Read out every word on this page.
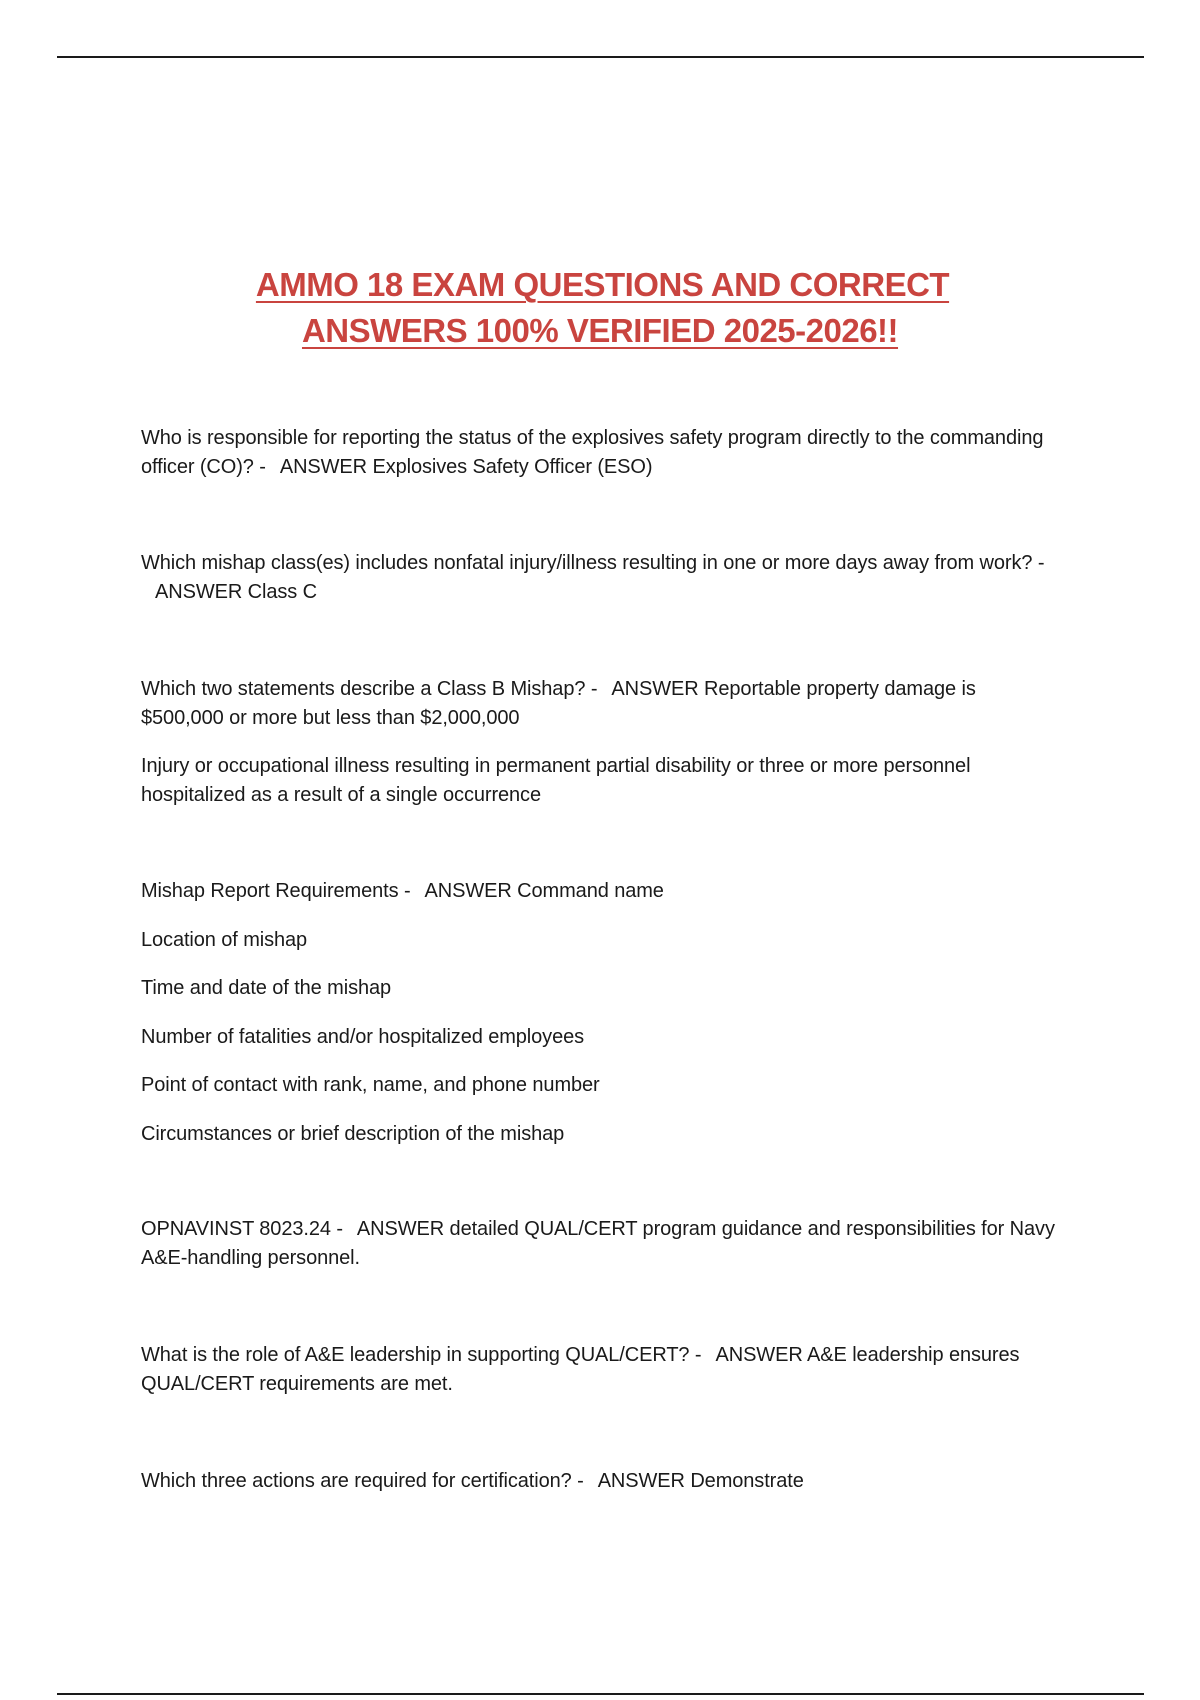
AMMO 18 EXAM QUESTIONS AND CORRECT
ANSWERS 100% VERIFIED 2025-2026!!

Who is responsible for reporting the status of the explosives safety program directly to the commanding officer (CO)? - ANSWER Explosives Safety Officer (ESO)

Which mishap class(es) includes nonfatal injury/illness resulting in one or more days away from work? -ANSWER Class C

Which two statements describe a Class B Mishap? - ANSWER Reportable property damage is $500,000 or more but less than $2,000,000

Injury or occupational illness resulting in permanent partial disability or three or more personnel hospitalized as a result of a single occurrence

Mishap Report Requirements - ANSWER Command name

Location of mishap

Time and date of the mishap

Number of fatalities and/or hospitalized employees

Point of contact with rank, name, and phone number

Circumstances or brief description of the mishap

OPNAVINST 8023.24 - ANSWER detailed QUAL/CERT program guidance and responsibilities for Navy A&E-handling personnel.

What is the role of A&E leadership in supporting QUAL/CERT? - ANSWER A&E leadership ensures QUAL/CERT requirements are met.

Which three actions are required for certification? - ANSWER Demonstrate
